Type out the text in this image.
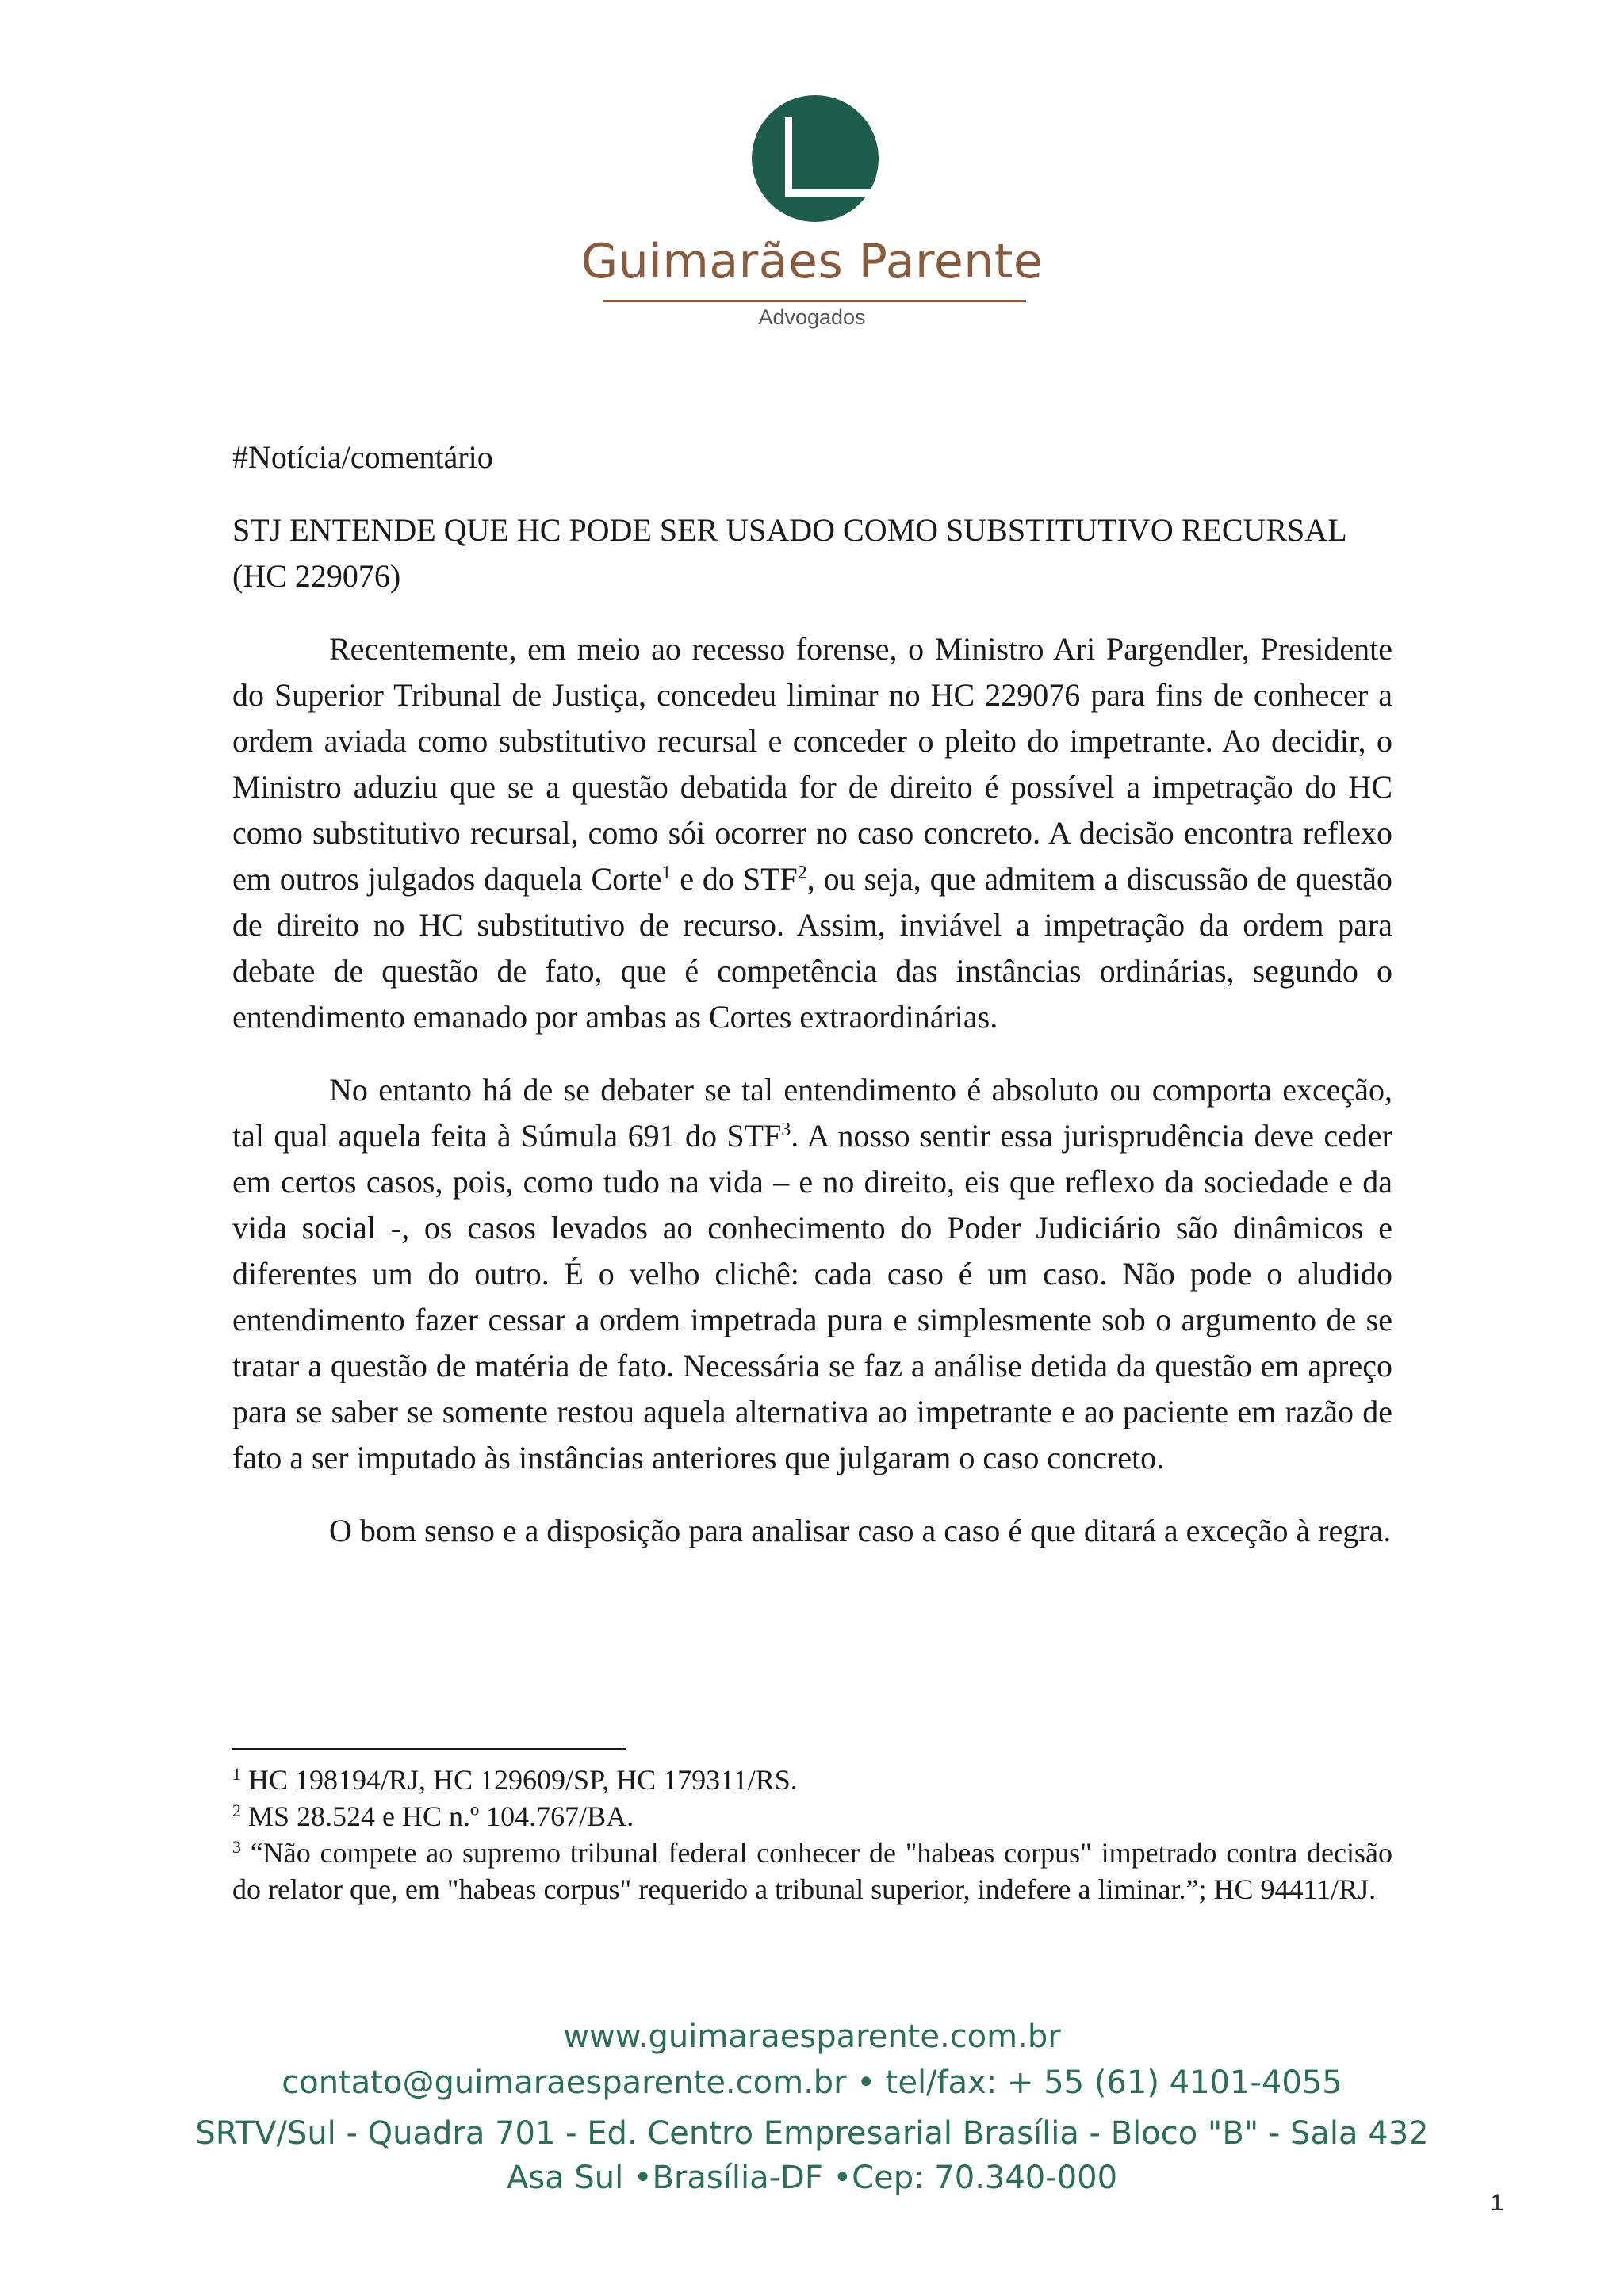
Guimarães Parente
Advogados

#Notícia/comentário

STJ ENTENDE QUE HC PODE SER USADO COMO SUBSTITUTIVO RECURSAL (HC 229076)

Recentemente, em meio ao recesso forense, o Ministro Ari Pargendler, Presidente do Superior Tribunal de Justiça, concedeu liminar no HC 229076 para fins de conhecer a ordem aviada como substitutivo recursal e conceder o pleito do impetrante. Ao decidir, o Ministro aduziu que se a questão debatida for de direito é possível a impetração do HC como substitutivo recursal, como sói ocorrer no caso concreto. A decisão encontra reflexo em outros julgados daquela Corte$^1$ e do STF$^2$, ou seja, que admitem a discussão de questão de direito no HC substitutivo de recurso. Assim, inviável a impetração da ordem para debate de questão de fato, que é competência das instâncias ordinárias, segundo o entendimento emanado por ambas as Cortes extraordinárias.

No entanto há de se debater se tal entendimento é absoluto ou comporta exceção, tal qual aquela feita à Súmula 691 do STF$^3$. A nosso sentir essa jurisprudência deve ceder em certos casos, pois, como tudo na vida – e no direito, eis que reflexo da sociedade e da vida social -, os casos levados ao conhecimento do Poder Judiciário são dinâmicos e diferentes um do outro. É o velho clichê: cada caso é um caso. Não pode o aludido entendimento fazer cessar a ordem impetrada pura e simplesmente sob o argumento de se tratar a questão de matéria de fato. Necessária se faz a análise detida da questão em apreço para se saber se somente restou aquela alternativa ao impetrante e ao paciente em razão de fato a ser imputado às instâncias anteriores que julgaram o caso concreto.

O bom senso e a disposição para analisar caso a caso é que ditará a exceção à regra.

$^1$ HC 198194/RJ, HC 129609/SP, HC 179311/RS.

$^2$ MS 28.524 e HC n.º 104.767/BA.

$^3$ “Não compete ao supremo tribunal federal conhecer de "habeas corpus" impetrado contra decisão do relator que, em "habeas corpus" requerido a tribunal superior, indefere a liminar.”; HC 94411/RJ.

www.guimaraesparente.com.br
contato@guimaraesparente.com.br • tel/fax: + 55 (61) 4101-4055
SRTV/Sul - Quadra 701 - Ed. Centro Empresarial Brasília - Bloco "B" - Sala 432
Asa Sul •Brasília-DF •Cep: 70.340-000
1
